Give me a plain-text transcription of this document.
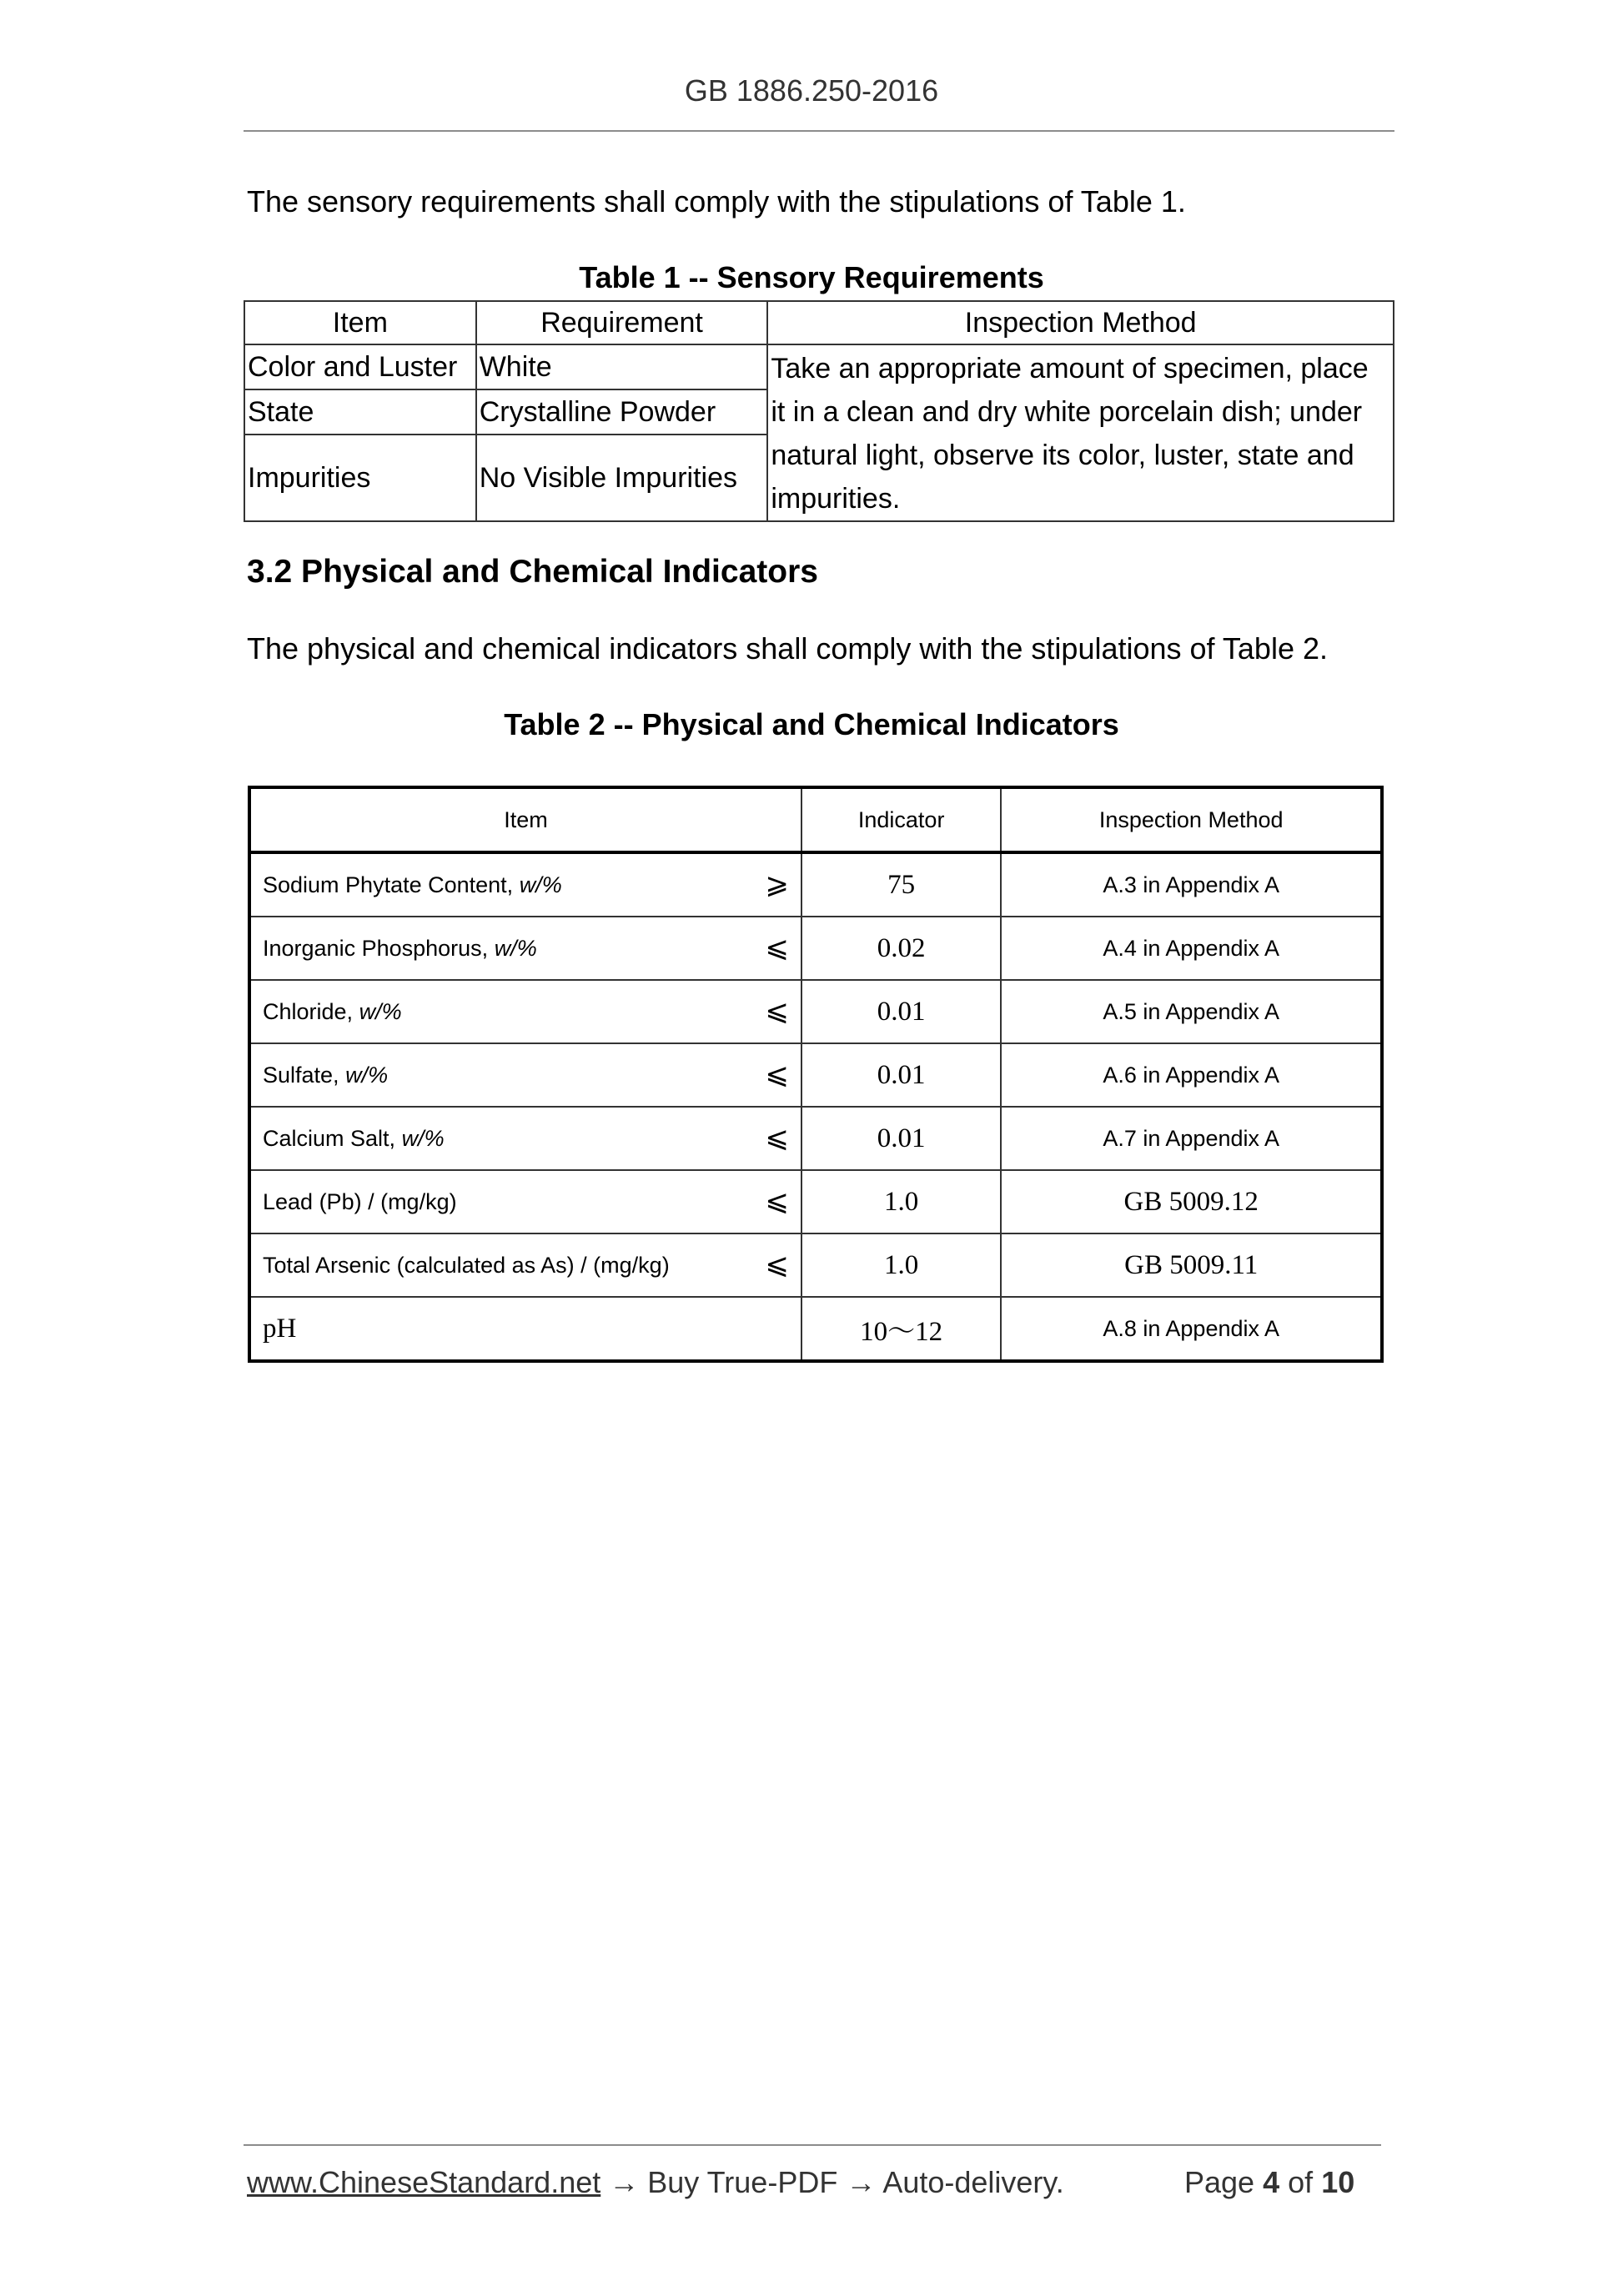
GB 1886.250-2016
The sensory requirements shall comply with the stipulations of Table 1.
Table 1 -- Sensory Requirements
Item	Requirement	Inspection Method
Color and Luster	White	Take an appropriate amount of specimen, place it in a clean and dry white porcelain dish; under natural light, observe its color, luster, state and impurities.
State	Crystalline Powder	
Impurities	No Visible Impurities	
3.2 Physical and Chemical Indicators
The physical and chemical indicators shall comply with the stipulations of Table 2.
Table 2 -- Physical and Chemical Indicators
Item	Indicator	Inspection Method
Sodium Phytate Content, w/% ⩾	75	A.3 in Appendix A
Inorganic Phosphorus, w/% ⩽	0.02	A.4 in Appendix A
Chloride, w/% ⩽	0.01	A.5 in Appendix A
Sulfate, w/% ⩽	0.01	A.6 in Appendix A
Calcium Salt, w/% ⩽	0.01	A.7 in Appendix A
Lead (Pb) / (mg/kg) ⩽	1.0	GB 5009.12
Total Arsenic (calculated as As) / (mg/kg) ⩽	1.0	GB 5009.11
pH	10～12	A.8 in Appendix A
www.ChineseStandard.net → Buy True-PDF → Auto-delivery.	Page 4 of 10
